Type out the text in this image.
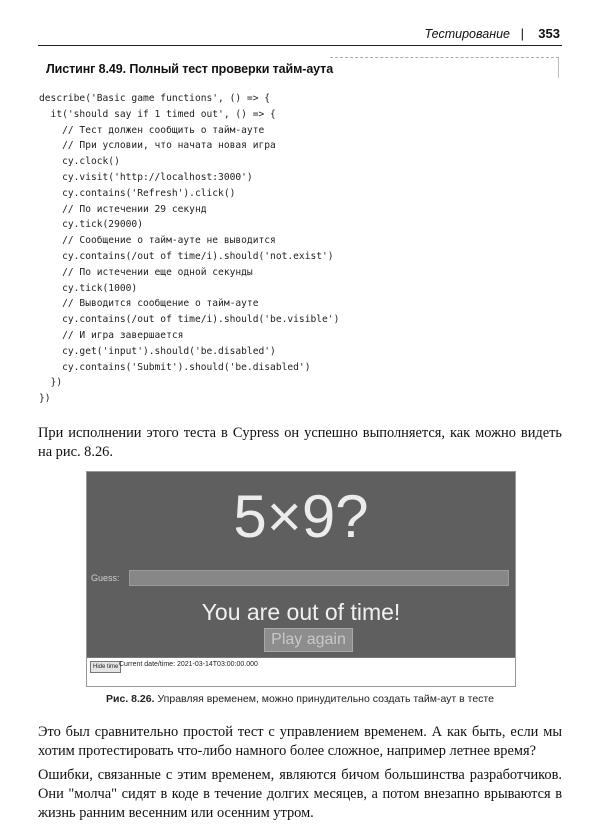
Тестирование | 353
Листинг 8.49. Полный тест проверки тайм-аута
describe('Basic game functions', () => {
it('should say if 1 timed out', () => {
// Тест должен сообщить о тайм-ауте
// При условии, что начата новая игра
cy.clock()
cy.visit('http://localhost:3000')
cy.contains('Refresh').click()
// По истечении 29 секунд
cy.tick(29000)
// Сообщение о тайм-ауте не выводится
cy.contains(/out of time/i).should('not.exist')
// По истечении еще одной секунды
cy.tick(1000)
// Выводится сообщение о тайм-ауте
cy.contains(/out of time/i).should('be.visible')
// И игра завершается
cy.get('input').should('be.disabled')
cy.contains('Submit').should('be.disabled')
})
})
При исполнении этого теста в Cypress он успешно выполняется, как можно видеть на рис. 8.26.
5×9?
Guess:
You are out of time!
Play again
Hide time Current date/time: 2021-03-14T03:00:00.000
Рис. 8.26. Управляя временем, можно принудительно создать тайм-аут в тесте
Это был сравнительно простой тест с управлением временем. А как быть, если мы хотим протестировать что-либо намного более сложное, например летнее время?
Ошибки, связанные с этим временем, являются бичом большинства разработчиков. Они "молча" сидят в коде в течение долгих месяцев, а потом внезапно врываются в жизнь ранним весенним или осенним утром.
